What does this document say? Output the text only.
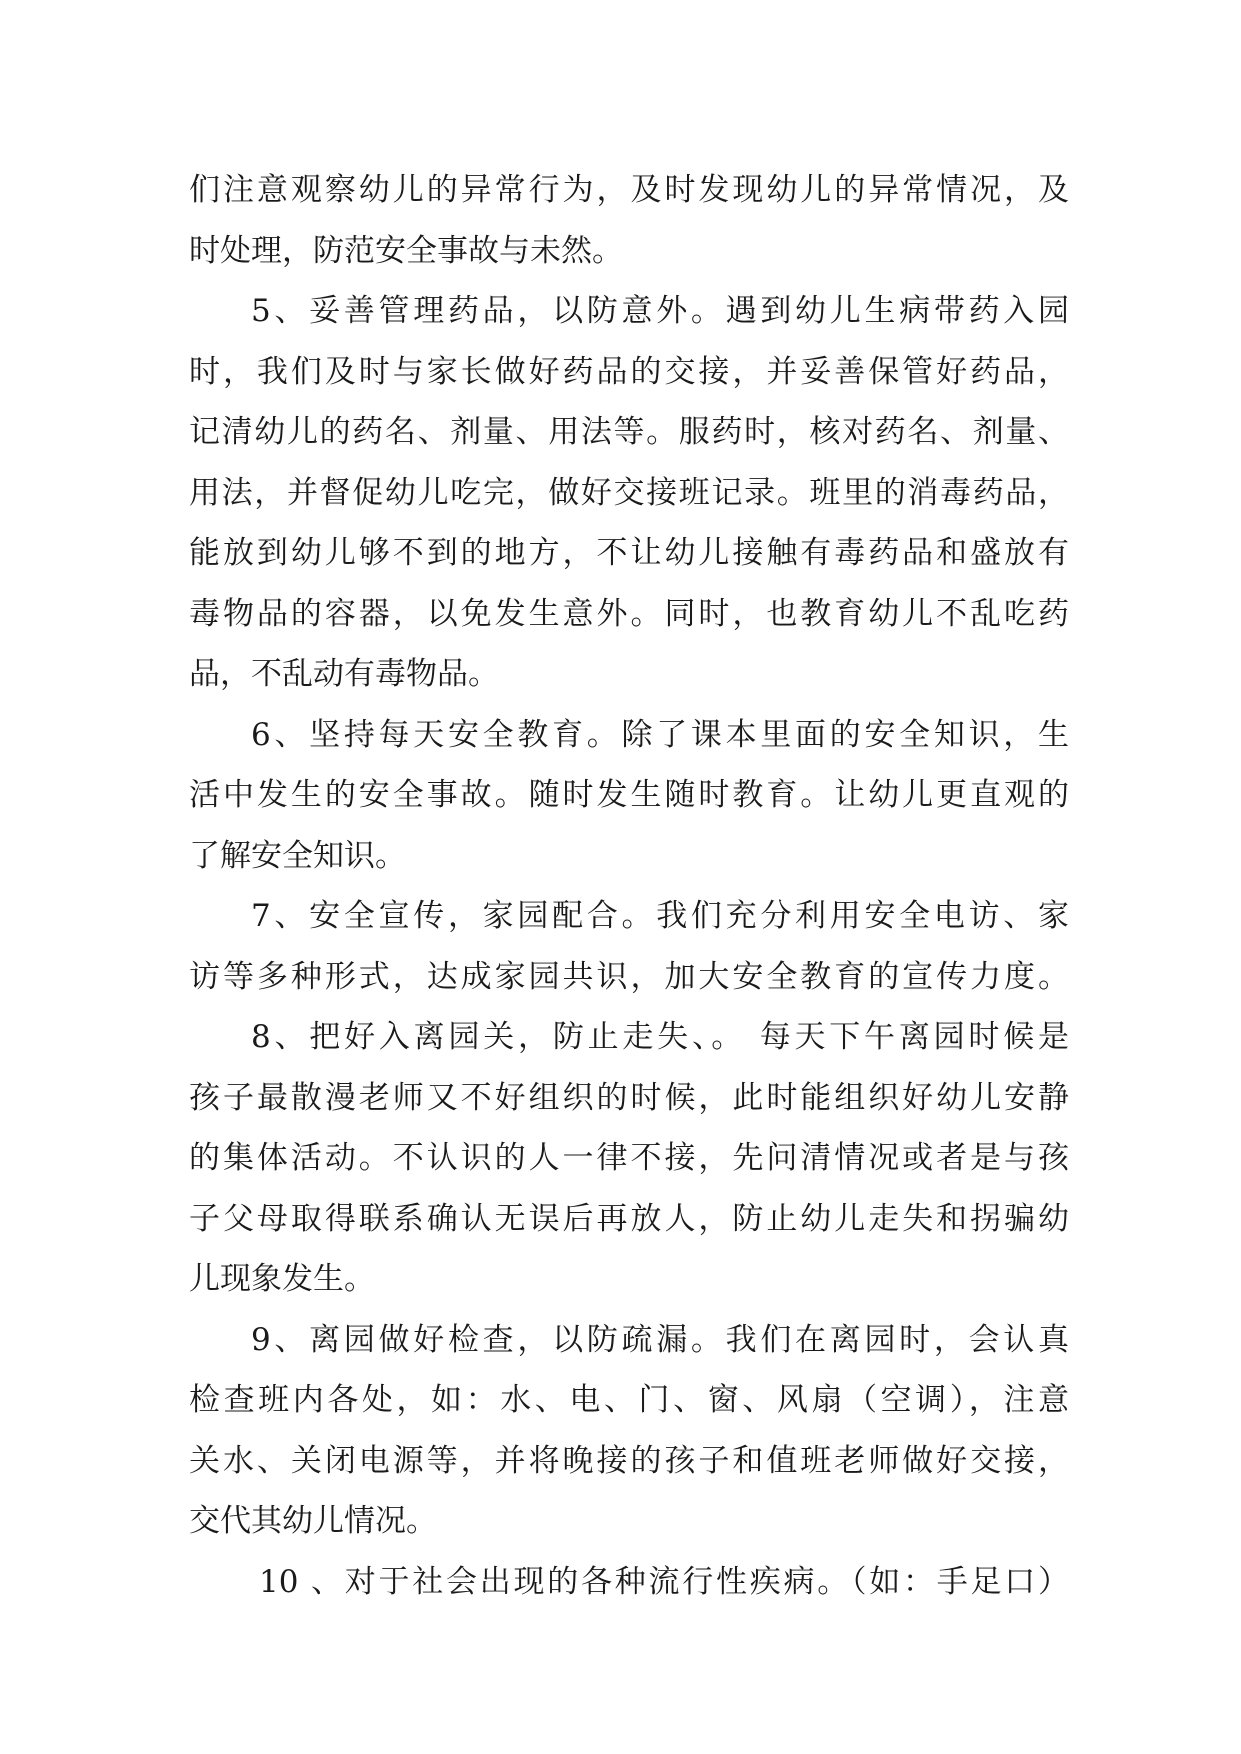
们注意观察幼儿的异常行为，及时发现幼儿的异常情况，及
时处理，防范安全事故与未然。
5、妥善管理药品，以防意外。遇到幼儿生病带药入园
时，我们及时与家长做好药品的交接，并妥善保管好药品，
记清幼儿的药名、剂量、用法等。服药时，核对药名、剂量、
用法，并督促幼儿吃完，做好交接班记录。班里的消毒药品，
能放到幼儿够不到的地方，不让幼儿接触有毒药品和盛放有
毒物品的容器，以免发生意外。同时，也教育幼儿不乱吃药
品，不乱动有毒物品。
6、坚持每天安全教育。除了课本里面的安全知识，生
活中发生的安全事故。随时发生随时教育。让幼儿更直观的
了解安全知识。
7、安全宣传，家园配合。我们充分利用安全电访、家
访等多种形式，达成家园共识，加大安全教育的宣传力度。
8、把好入离园关，防止走失、。 每天下午离园时候是
孩子最散漫老师又不好组织的时候，此时能组织好幼儿安静
的集体活动。不认识的人一律不接，先问清情况或者是与孩
子父母取得联系确认无误后再放人，防止幼儿走失和拐骗幼
儿现象发生。
9、离园做好检查，以防疏漏。我们在离园时，会认真
检查班内各处，如：水、电、门、窗、风扇（空调），注意
关水、关闭电源等，并将晚接的孩子和值班老师做好交接，
交代其幼儿情况。
10 、对于社会出现的各种流行性疾病。（如：手足口）
